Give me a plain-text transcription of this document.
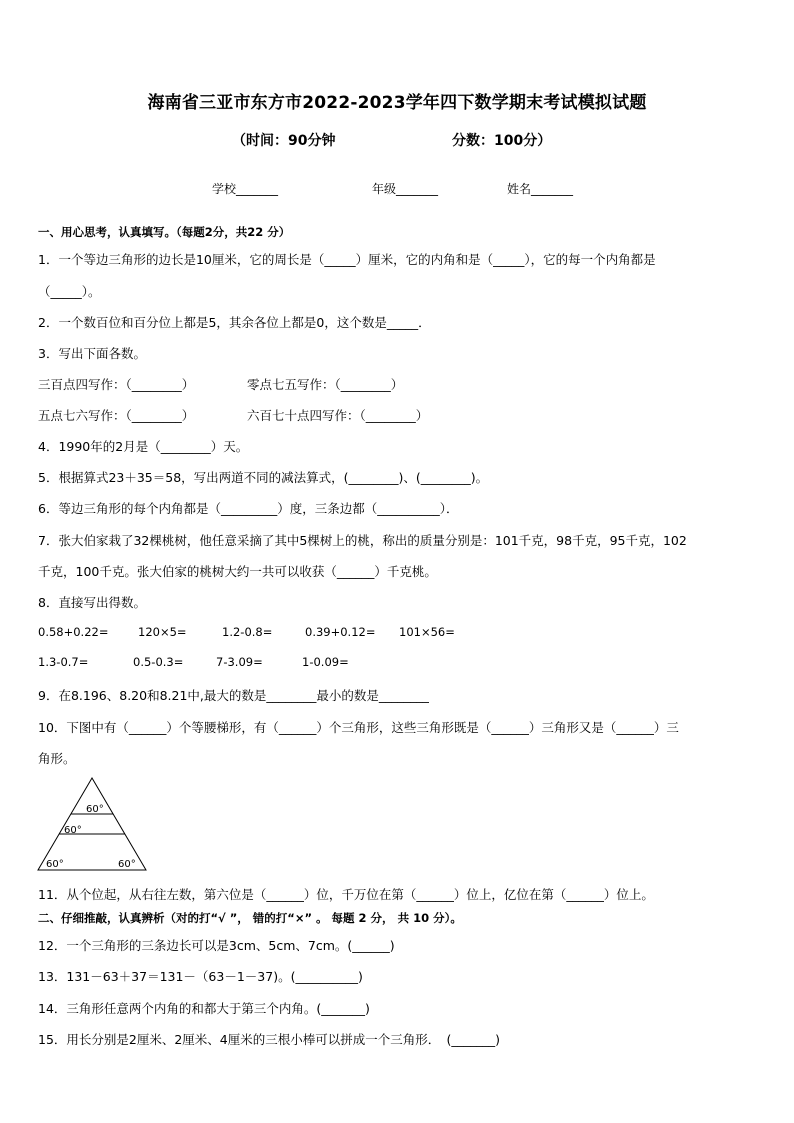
海南省三亚市东方市2022-2023学年四下数学期末考试模拟试题
（时间：90分钟	分数：100分）
学校_______	年级_______	姓名_______
一、用心思考，认真填写。（每题2分，共22 分）
1．一个等边三角形的边长是10厘米，它的周长是（_____）厘米，它的内角和是（_____），它的每一个内角都是
（_____）。
2．一个数百位和百分位上都是5，其余各位上都是0，这个数是_____．
3．写出下面各数。
三百点四写作：（________）	零点七五写作：（________）
五点七六写作：（________）	六百七十点四写作：（________）
4．1990年的2月是（________）天。
5．根据算式23＋35＝58，写出两道不同的减法算式，(________)、(________)。
6．等边三角形的每个内角都是（_________）度，三条边都（__________）．
7．张大伯家栽了32棵桃树，他任意采摘了其中5棵树上的桃，称出的质量分别是：101千克，98千克，95千克，102
千克，100千克。张大伯家的桃树大约一共可以收获（______）千克桃。
8．直接写出得数。
0.58+0.22=	120×5=	1.2-0.8=	0.39+0.12= 101×56=
1.3-0.7=	0.5-0.3=	7-3.09=	1-0.09=
9．在8.196、8.20和8.21中,最大的数是________最小的数是________
10．下图中有（______）个等腰梯形，有（______）个三角形，这些三角形既是（______）三角形又是（______）三
角形。
60°
60°
60°	60°
11．从个位起，从右往左数，第六位是（______）位，千万位在第（______）位上，亿位在第（______）位上。
二、仔细推敲，认真辨析（对的打“√ ”， 错的打“×” 。 每题 2 分， 共 10 分）。
12．一个三角形的三条边长可以是3cm、5cm、7cm。(______)
13．131－63＋37＝131－（63－1－37)。(__________)
14．三角形任意两个内角的和都大于第三个内角。(_______)
15．用长分别是2厘米、2厘米、4厘米的三根小棒可以拼成一个三角形．　(_______)
